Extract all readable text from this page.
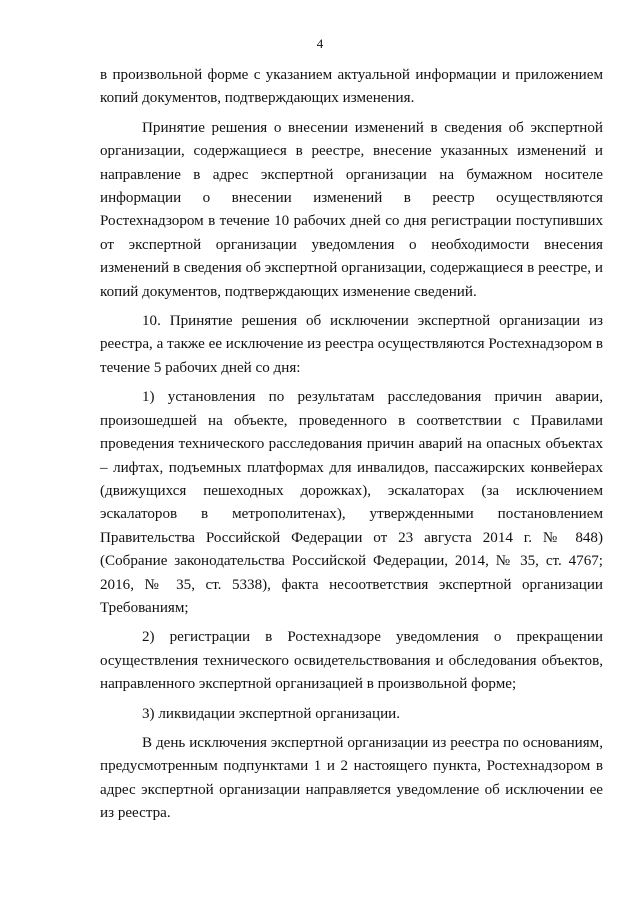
4

в произвольной форме с указанием актуальной информации и приложением копий документов, подтверждающих изменения.

Принятие решения о внесении изменений в сведения об экспертной организации, содержащиеся в реестре, внесение указанных изменений и направление в адрес экспертной организации на бумажном носителе информации о внесении изменений в реестр осуществляются Ростехнадзором в течение 10 рабочих дней со дня регистрации поступивших от экспертной организации уведомления о необходимости внесения изменений в сведения об экспертной организации, содержащиеся в реестре, и копий документов, подтверждающих изменение сведений.

10. Принятие решения об исключении экспертной организации из реестра, а также ее исключение из реестра осуществляются Ростехнадзором в течение 5 рабочих дней со дня:

1) установления по результатам расследования причин аварии, произошедшей на объекте, проведенного в соответствии с Правилами проведения технического расследования причин аварий на опасных объектах – лифтах, подъемных платформах для инвалидов, пассажирских конвейерах (движущихся пешеходных дорожках), эскалаторах (за исключением эскалаторов в метрополитенах), утвержденными постановлением Правительства Российской Федерации от 23 августа 2014 г. № 848) (Собрание законодательства Российской Федерации, 2014, № 35, ст. 4767; 2016, № 35, ст. 5338), факта несоответствия экспертной организации Требованиям;

2) регистрации в Ростехнадзоре уведомления о прекращении осуществления технического освидетельствования и обследования объектов, направленного экспертной организацией в произвольной форме;

3) ликвидации экспертной организации.

В день исключения экспертной организации из реестра по основаниям, предусмотренным подпунктами 1 и 2 настоящего пункта, Ростехнадзором в адрес экспертной организации направляется уведомление об исключении ее из реестра.
